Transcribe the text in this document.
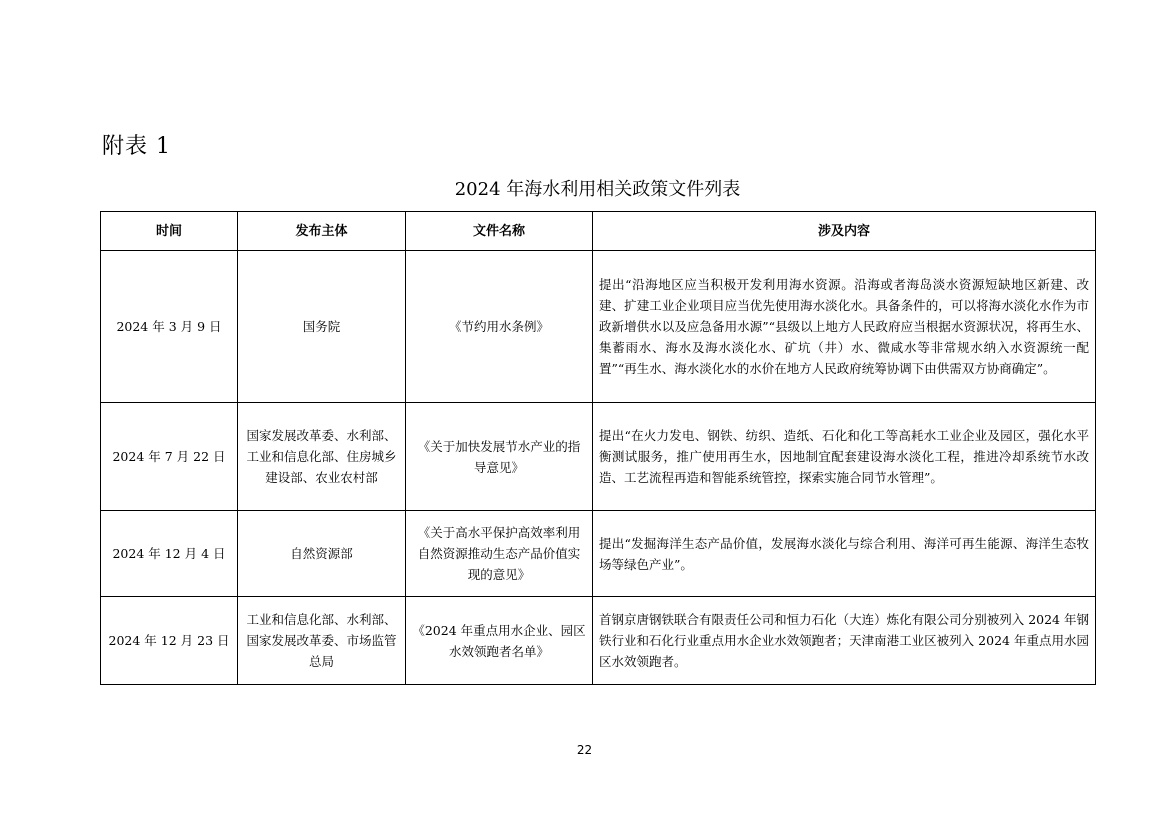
附表 1
2024 年海水利用相关政策文件列表
时间	发布主体	文件名称	涉及内容
2024 年 3 月 9 日	国务院	《节约用水条例》	提出“沿海地区应当积极开发利用海水资源。沿海或者海岛淡水资源短缺地区新建、改建、扩建工业企业项目应当优先使用海水淡化水。具备条件的，可以将海水淡化水作为市政新增供水以及应急备用水源”“县级以上地方人民政府应当根据水资源状况，将再生水、集蓄雨水、海水及海水淡化水、矿坑（井）水、微咸水等非常规水纳入水资源统一配置”“再生水、海水淡化水的水价在地方人民政府统筹协调下由供需双方协商确定”。
2024 年 7 月 22 日	国家发展改革委、水利部、工业和信息化部、住房城乡建设部、农业农村部	《关于加快发展节水产业的指导意见》	提出“在火力发电、钢铁、纺织、造纸、石化和化工等高耗水工业企业及园区，强化水平衡测试服务，推广使用再生水，因地制宜配套建设海水淡化工程，推进冷却系统节水改造、工艺流程再造和智能系统管控，探索实施合同节水管理”。
2024 年 12 月 4 日	自然资源部	《关于高水平保护高效率利用自然资源推动生态产品价值实现的意见》	提出“发掘海洋生态产品价值，发展海水淡化与综合利用、海洋可再生能源、海洋生态牧场等绿色产业”。
2024 年 12 月 23 日	工业和信息化部、水利部、国家发展改革委、市场监管总局	《2024 年重点用水企业、园区水效领跑者名单》	首钢京唐钢铁联合有限责任公司和恒力石化（大连）炼化有限公司分别被列入 2024 年钢铁行业和石化行业重点用水企业水效领跑者；天津南港工业区被列入 2024 年重点用水园区水效领跑者。
22
